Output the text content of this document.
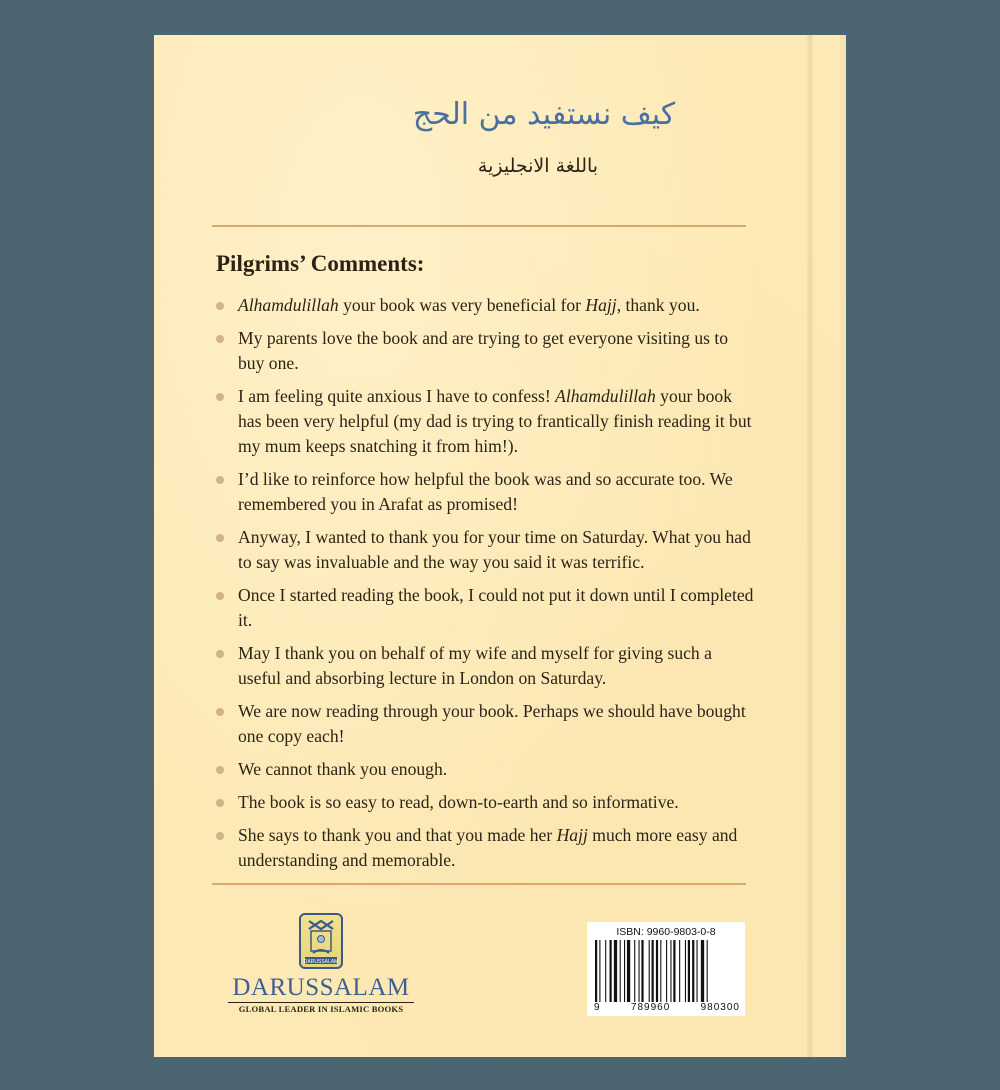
كيف نستفيد من الحج
باللغة الانجليزية
Pilgrims’ Comments:
Alhamdulillah your book was very beneficial for Hajj, thank you.
My parents love the book and are trying to get everyone visiting us to buy one.
I am feeling quite anxious I have to confess! Alhamdulillah your book has been very helpful (my dad is trying to frantically finish reading it but my mum keeps snatching it from him!).
I’d like to reinforce how helpful the book was and so accurate too. We remembered you in Arafat as promised!
Anyway, I wanted to thank you for your time on Saturday. What you had to say was invaluable and the way you said it was terrific.
Once I started reading the book, I could not put it down until I completed it.
May I thank you on behalf of my wife and myself for giving such a useful and absorbing lecture in London on Saturday.
We are now reading through your book. Perhaps we should have bought one copy each!
We cannot thank you enough.
The book is so easy to read, down-to-earth and so informative.
She says to thank you and that you made her Hajj much more easy and understanding and memorable.
DARUSSALAM
DARUSSALAM
GLOBAL LEADER IN ISLAMIC BOOKS
ISBN: 9960-9803-0-8
9	789960	980300
